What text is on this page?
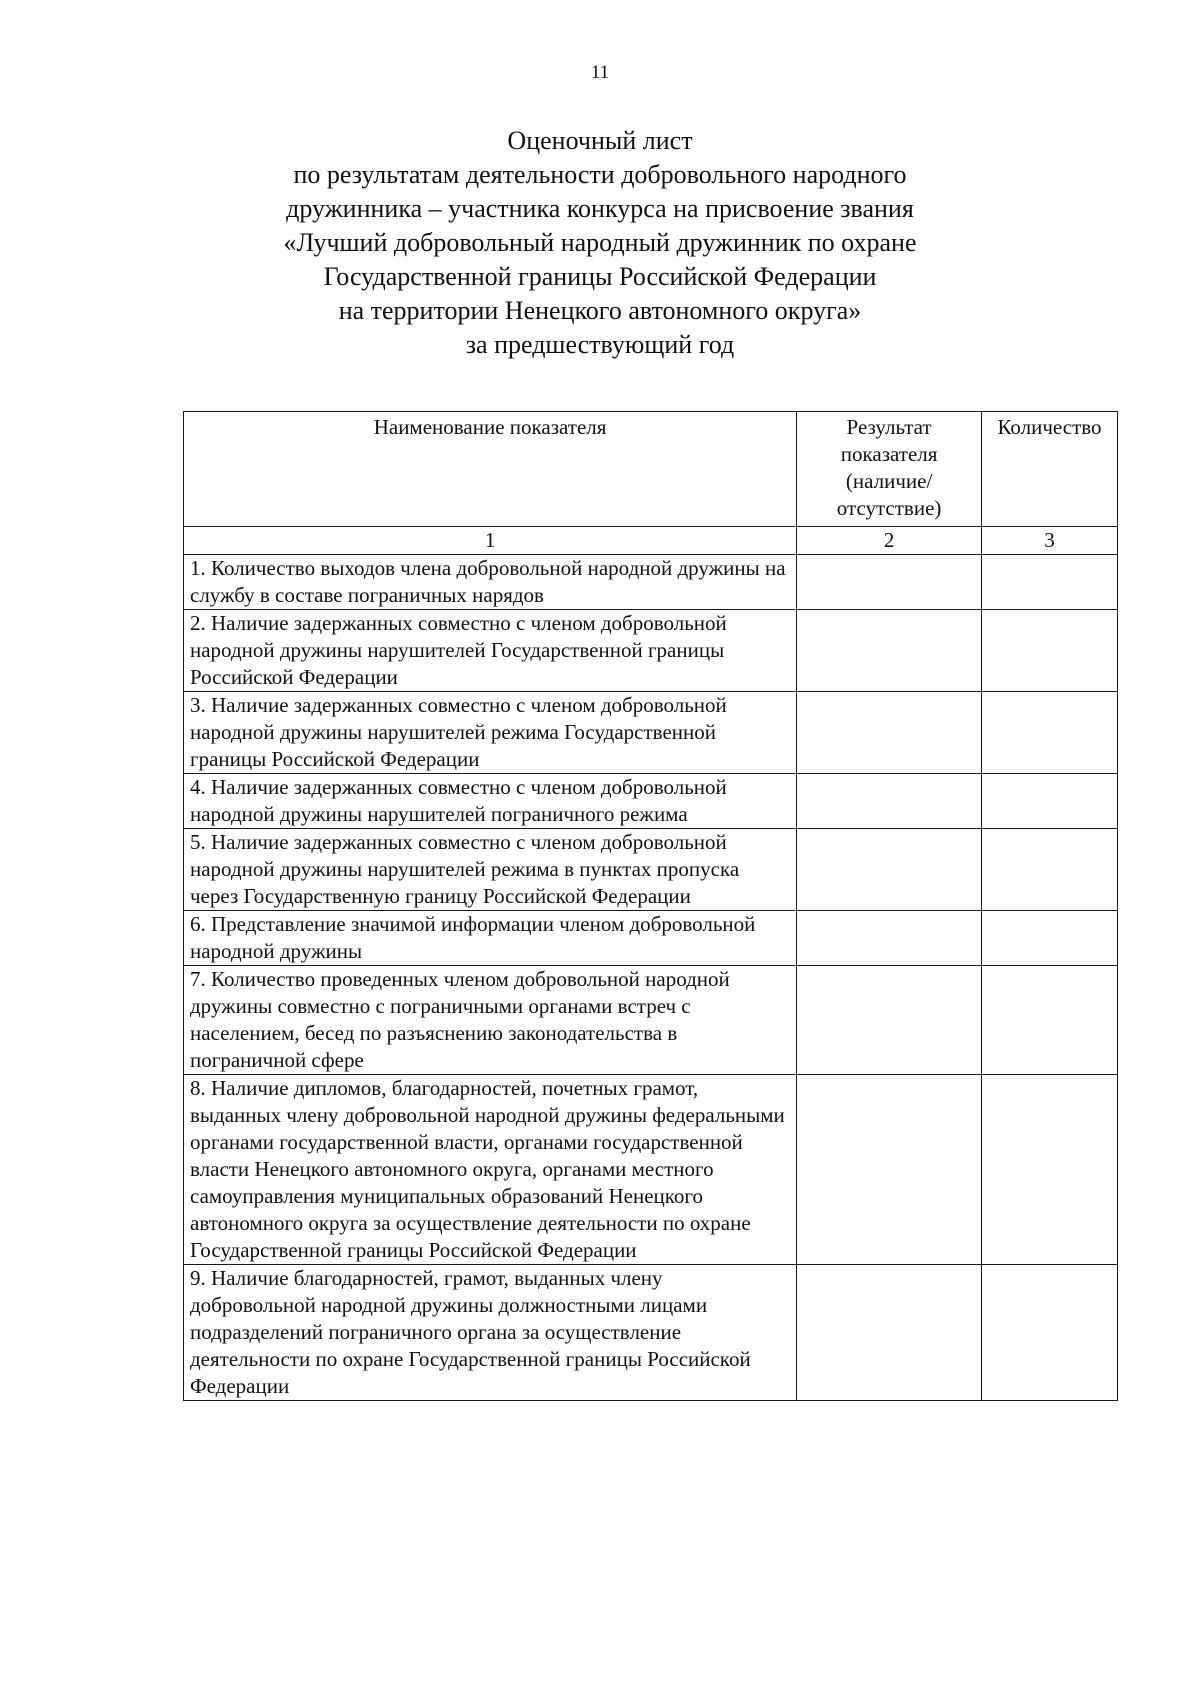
11
Оценочный лист
по результатам деятельности добровольного народного
дружинника – участника конкурса на присвоение звания
«Лучший добровольный народный дружинник по охране
Государственной границы Российской Федерации
на территории Ненецкого автономного округа»
за предшествующий год
Наименование показателя	Результат показателя (наличие/ отсутствие)	Количество
1	2	3
1. Количество выходов члена добровольной народной дружины на службу в составе пограничных нарядов		
2. Наличие задержанных совместно с членом добровольной народной дружины нарушителей Государственной границы Российской Федерации		
3. Наличие задержанных совместно с членом добровольной народной дружины нарушителей режима Государственной границы Российской Федерации		
4. Наличие задержанных совместно с членом добровольной народной дружины нарушителей пограничного режима		
5. Наличие задержанных совместно с членом добровольной народной дружины нарушителей режима в пунктах пропуска через Государственную границу Российской Федерации		
6. Представление значимой информации членом добровольной народной дружины		
7. Количество проведенных членом добровольной народной дружины совместно с пограничными органами встреч с населением, бесед по разъяснению законодательства в пограничной сфере		
8. Наличие дипломов, благодарностей, почетных грамот, выданных члену добровольной народной дружины федеральными органами государственной власти, органами государственной власти Ненецкого автономного округа, органами местного самоуправления муниципальных образований Ненецкого автономного округа за осуществление деятельности по охране Государственной границы Российской Федерации		
9. Наличие благодарностей, грамот, выданных члену добровольной народной дружины должностными лицами подразделений пограничного органа за осуществление деятельности по охране Государственной границы Российской Федерации		
